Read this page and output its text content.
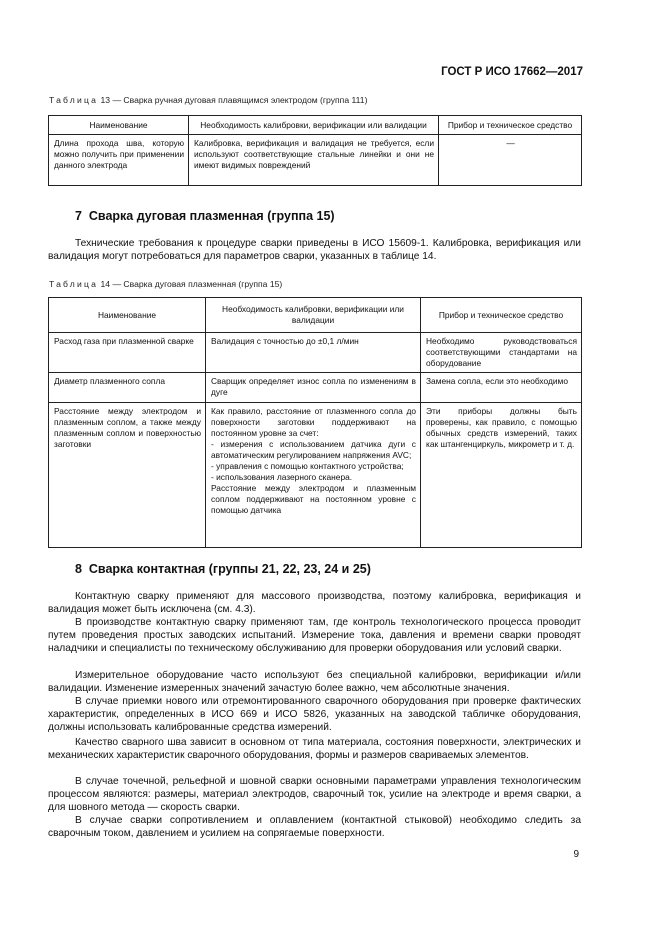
ГОСТ Р ИСО 17662—2017
Таблица 13 — Сварка ручная дуговая плавящимся электродом (группа 111)
Наименование	Необходимость калибровки, верификации или валидации	Прибор и техническое средство
Длина прохода шва, которую можно получить при применении данного электрода	Калибровка, верификация и валидация не требуется, если используют соответствующие стальные линейки и они не имеют видимых повреждений	—
7 Сварка дуговая плазменная (группа 15)

Технические требования к процедуре сварки приведены в ИСО 15609-1. Калибровка, верификация или валидация могут потребоваться для параметров сварки, указанных в таблице 14.

Таблица 14 — Сварка дуговая плазменная (группа 15)
Наименование	Необходимость калибровки, верификации или валидации	Прибор и техническое средство
Расход газа при плазменной сварке	Валидация с точностью до ±0,1 л/мин	Необходимо руководствоваться соответствующими стандартами на оборудование
Диаметр плазменного сопла	Сварщик определяет износ сопла по изменениям в дуге	Замена сопла, если это необходимо
Расстояние между электродом и плазменным соплом, а также между плазменным соплом и поверхностью заготовки	Как правило, расстояние от плазменного сопла до поверхности заготовки поддерживают на постоянном уровне за счет:
- измерения с использованием датчика дуги с автоматическим регулированием напряжения AVC;
- управления с помощью контактного устройства;
- использования лазерного сканера.
Расстояние между электродом и плазменным соплом поддерживают на постоянном уровне с помощью датчика	Эти приборы должны быть проверены, как правило, с помощью обычных средств измерений, таких как штангенциркуль, микрометр и т. д.
8 Сварка контактная (группы 21, 22, 23, 24 и 25)

Контактную сварку применяют для массового производства, поэтому калибровка, верификация и валидация может быть исключена (см. 4.3).

В производстве контактную сварку применяют там, где контроль технологического процесса проводит путем проведения простых заводских испытаний. Измерение тока, давления и времени сварки проводят наладчики и специалисты по техническому обслуживанию для проверки оборудования или условий сварки.

Измерительное оборудование часто используют без специальной калибровки, верификации и/или валидации. Изменение измеренных значений зачастую более важно, чем абсолютные значения.

В случае приемки нового или отремонтированного сварочного оборудования при проверке фактических характеристик, определенных в ИСО 669 и ИСО 5826, указанных на заводской табличке оборудования, должны использовать калиброванные средства измерений.

Качество сварного шва зависит в основном от типа материала, состояния поверхности, электрических и механических характеристик сварочного оборудования, формы и размеров свариваемых элементов.

В случае точечной, рельефной и шовной сварки основными параметрами управления технологическим процессом являются: размеры, материал электродов, сварочный ток, усилие на электроде и время сварки, а для шовного метода — скорость сварки.

В случае сварки сопротивлением и оплавлением (контактной стыковой) необходимо следить за сварочным током, давлением и усилием на сопрягаемые поверхности.

9
